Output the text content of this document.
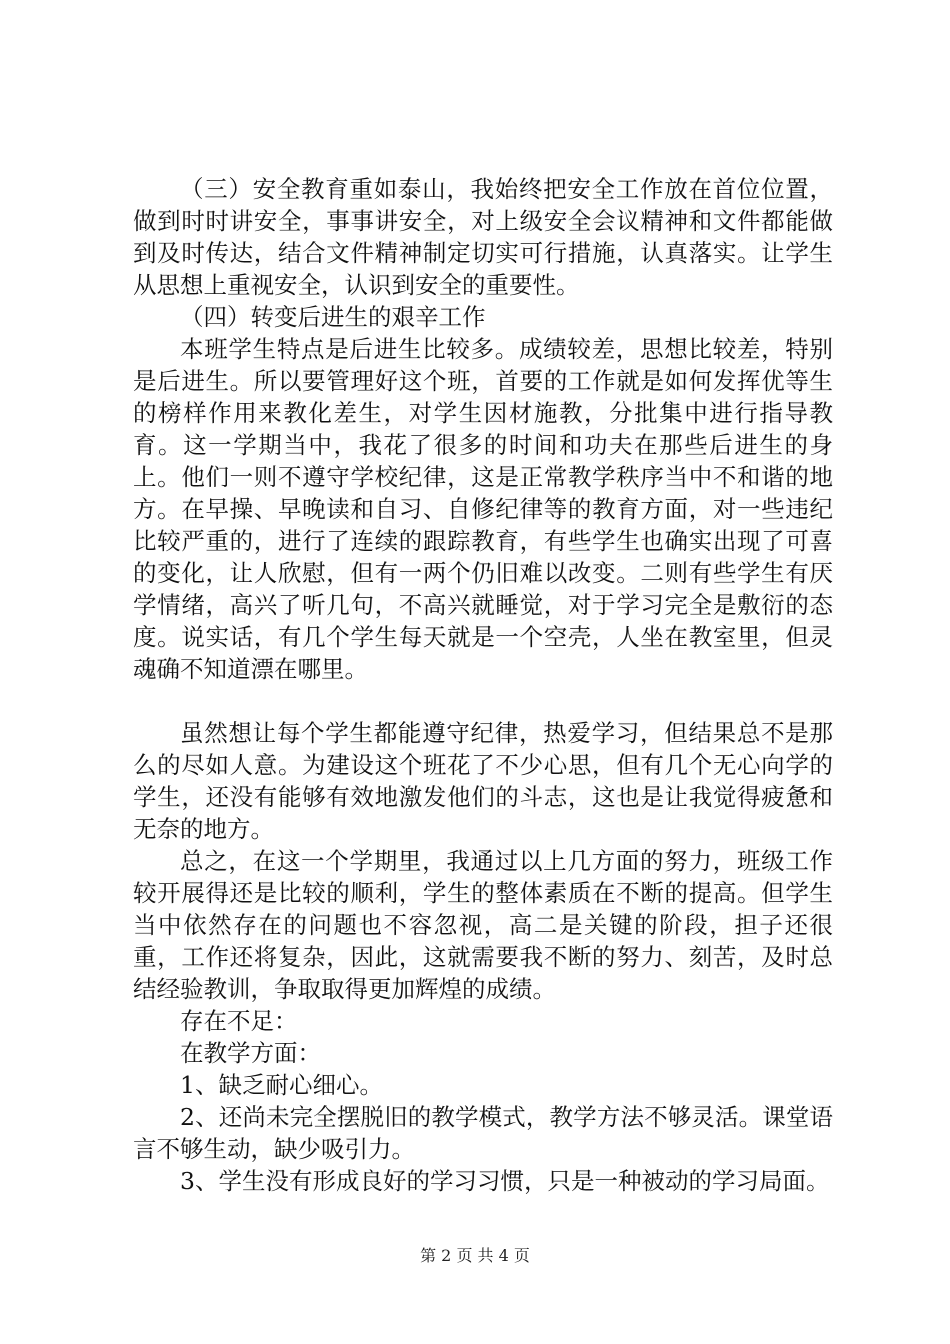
（三）安全教育重如泰山，我始终把安全工作放在首位位置，做到时时讲安全，事事讲安全，对上级安全会议精神和文件都能做到及时传达，结合文件精神制定切实可行措施，认真落实。让学生从思想上重视安全，认识到安全的重要性。

（四）转变后进生的艰辛工作

本班学生特点是后进生比较多。成绩较差，思想比较差，特别是后进生。所以要管理好这个班，首要的工作就是如何发挥优等生的榜样作用来教化差生，对学生因材施教，分批集中进行指导教育。这一学期当中，我花了很多的时间和功夫在那些后进生的身上。他们一则不遵守学校纪律，这是正常教学秩序当中不和谐的地方。在早操、早晚读和自习、自修纪律等的教育方面，对一些违纪比较严重的，进行了连续的跟踪教育，有些学生也确实出现了可喜的变化，让人欣慰，但有一两个仍旧难以改变。二则有些学生有厌学情绪，高兴了听几句，不高兴就睡觉，对于学习完全是敷衍的态度。说实话，有几个学生每天就是一个空壳，人坐在教室里，但灵魂确不知道漂在哪里。

虽然想让每个学生都能遵守纪律，热爱学习，但结果总不是那么的尽如人意。为建设这个班花了不少心思，但有几个无心向学的学生，还没有能够有效地激发他们的斗志，这也是让我觉得疲惫和无奈的地方。

总之，在这一个学期里，我通过以上几方面的努力，班级工作较开展得还是比较的顺利，学生的整体素质在不断的提高。但学生当中依然存在的问题也不容忽视，高二是关键的阶段，担子还很重，工作还将复杂，因此，这就需要我不断的努力、刻苦，及时总结经验教训，争取取得更加辉煌的成绩。

存在不足：

在教学方面：

1、缺乏耐心细心。

2、还尚未完全摆脱旧的教学模式，教学方法不够灵活。课堂语言不够生动，缺少吸引力。

3、学生没有形成良好的学习习惯，只是一种被动的学习局面。

第 2 页 共 4 页
